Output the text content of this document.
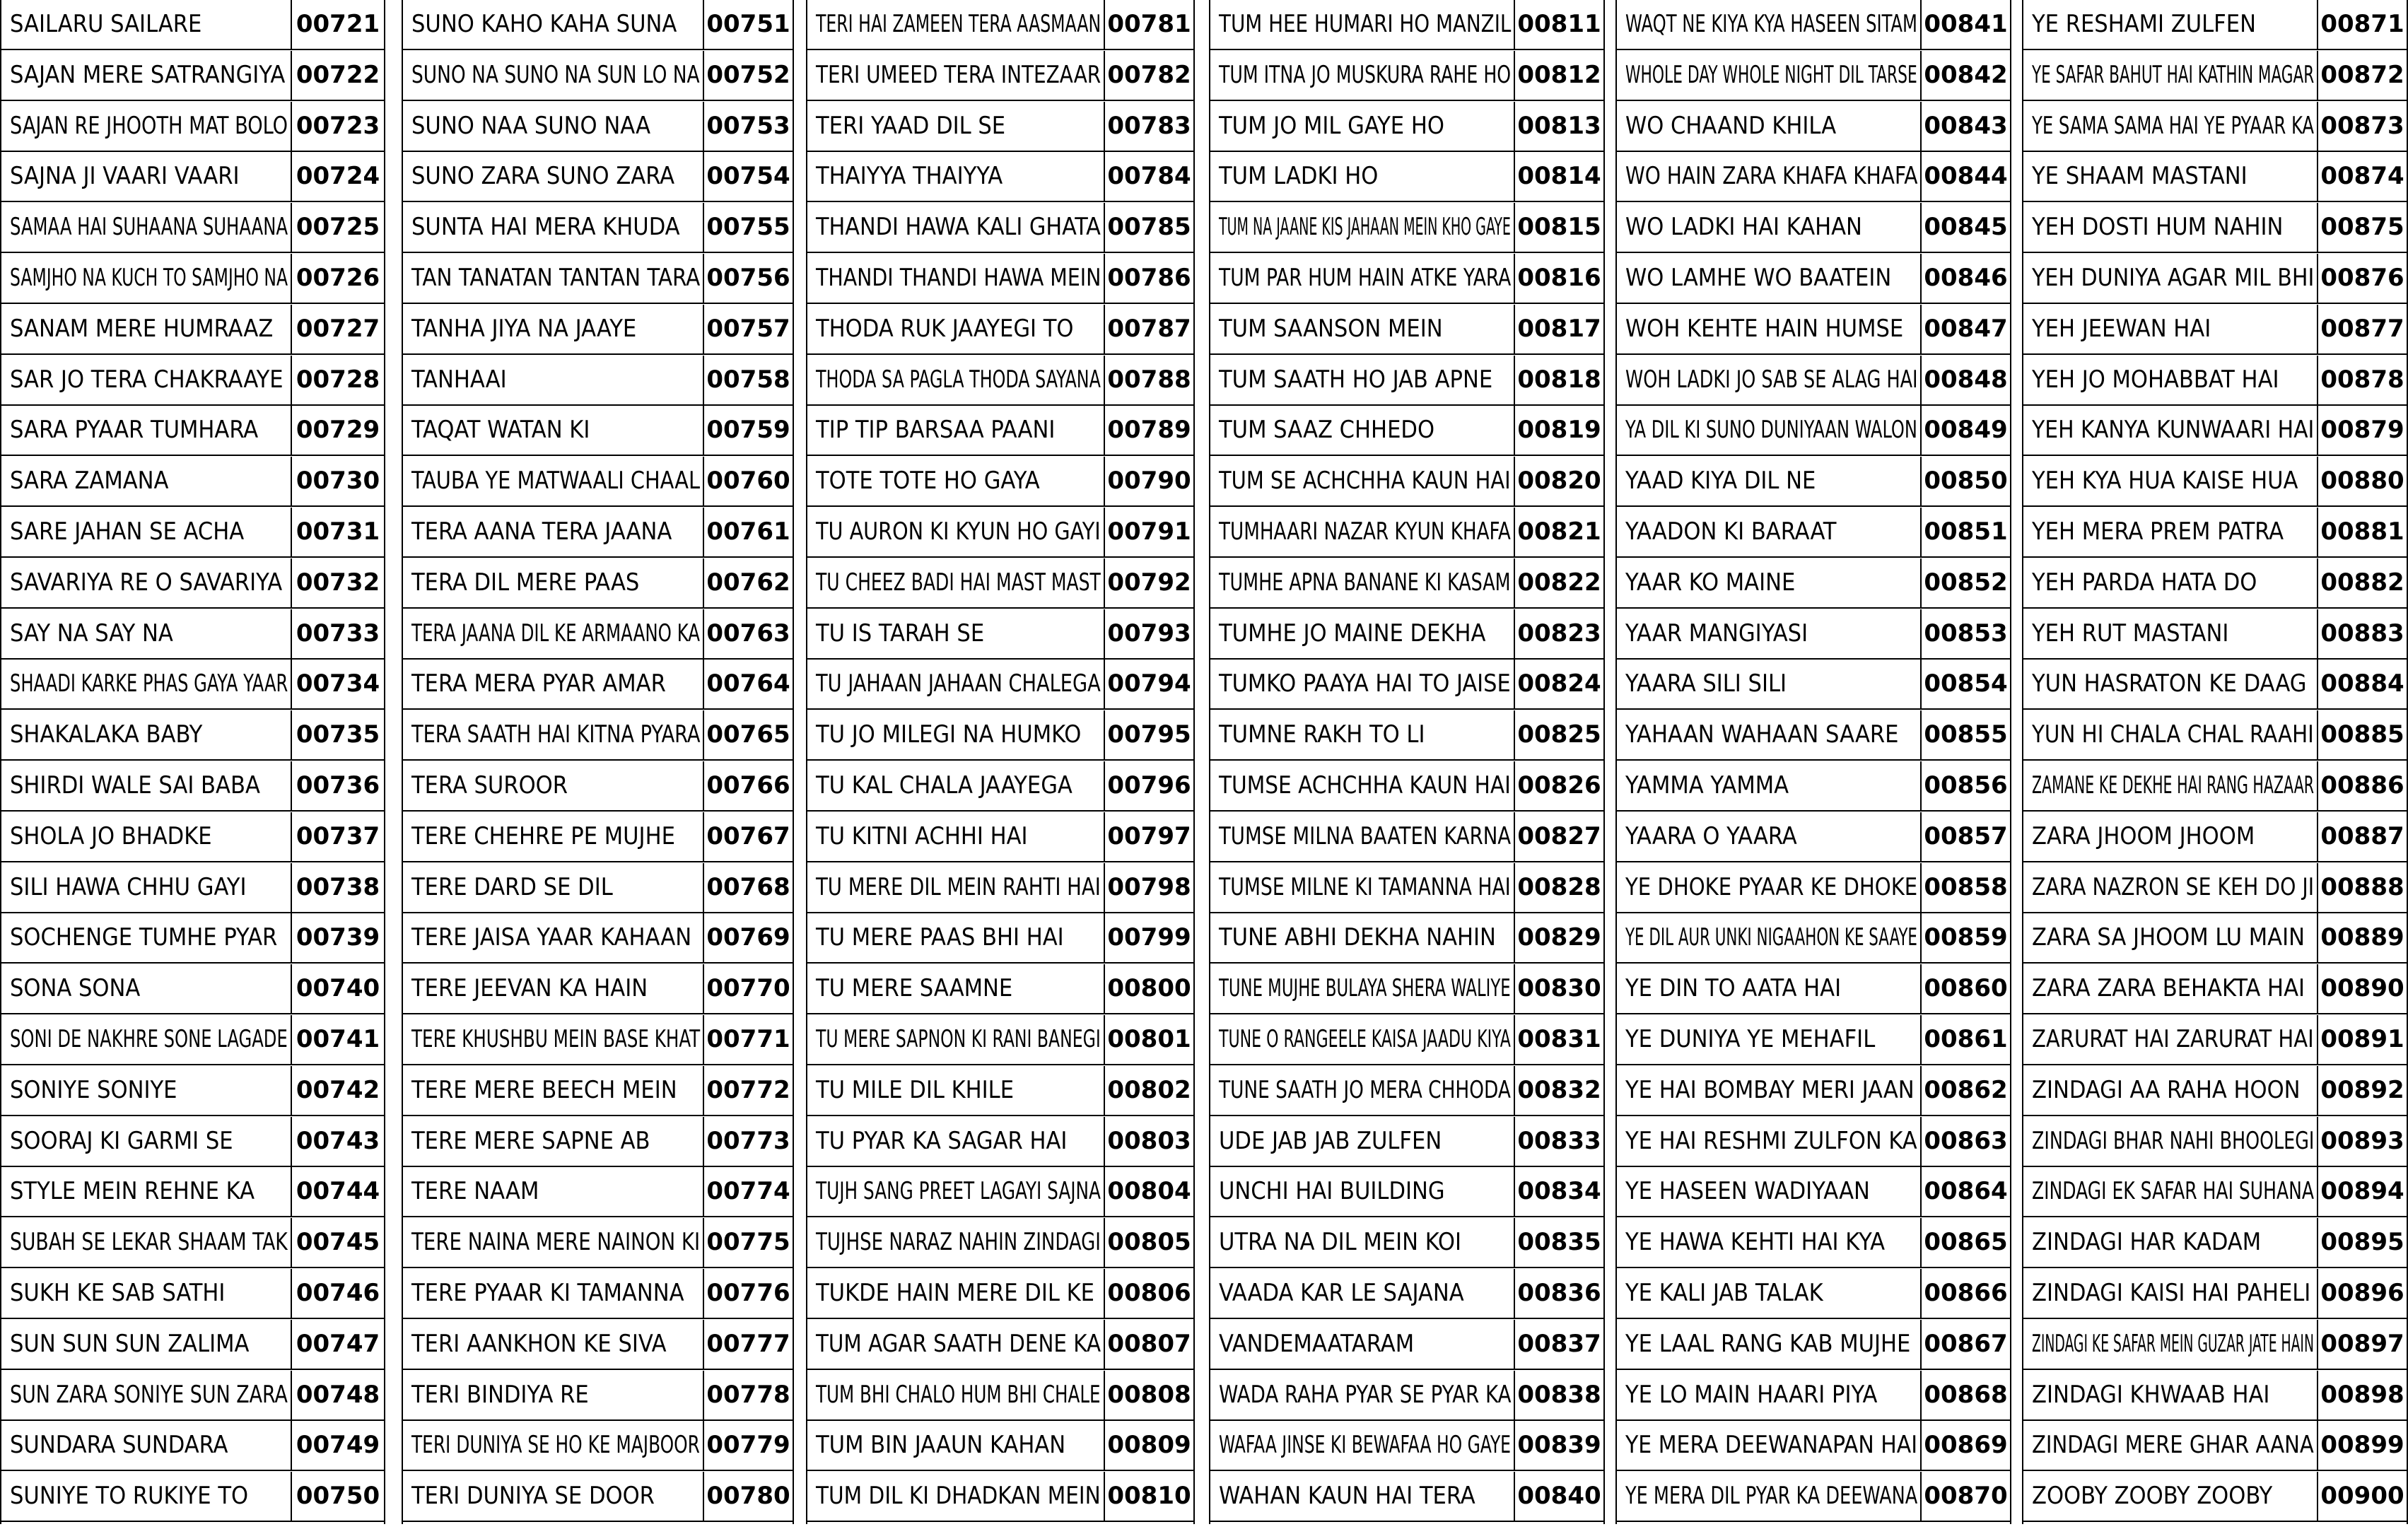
SAILARU SAILARE	00721
SAJAN MERE SATRANGIYA 00722
SAJAN RE JHOOTH MAT BOLO 00723
SAJNA JI VAARI VAARI	00724
SAMAA HAI SUHAANA SUHAANA 00725
SAMJHO NA KUCH TO SAMJHO NA 00726
SANAM MERE HUMRAAZ 00727
SAR JO TERA CHAKRAAYE 00728
SARA PYAAR TUMHARA	00729
SARA ZAMANA	00730
SARE JAHAN SE ACHA	00731
SAVARIYA RE O SAVARIYA 00732
SAY NA SAY NA	00733
SHAADI KARKE PHAS GAYA YAAR 00734
SHAKALAKA BABY	00735
SHIRDI WALE SAI BABA	00736
SHOLA JO BHADKE	00737
SILI HAWA CHHU GAYI	00738
SOCHENGE TUMHE PYAR 00739
SONA SONA	00740
SONI DE NAKHRE SONE LAGADE 00741
SONIYE SONIYE	00742
SOORAJ KI GARMI SE	00743
STYLE MEIN REHNE KA	00744
SUBAH SE LEKAR SHAAM TAK 00745
SUKH KE SAB SATHI	00746
SUN SUN SUN ZALIMA	00747
SUN ZARA SONIYE SUN ZARA 00748
SUNDARA SUNDARA	00749
SUNIYE TO RUKIYE TO	00750
SUNO KAHO KAHA SUNA	00751
SUNO NA SUNO NA SUN LO NA 00752
SUNO NAA SUNO NAA	00753
SUNO ZARA SUNO ZARA	00754
SUNTA HAI MERA KHUDA	00755
TAN TANATAN TANTAN TARA 00756
TANHA JIYA NA JAAYE	00757
TANHAAI	00758
TAQAT WATAN KI	00759
TAUBA YE MATWAALI CHAAL 00760
TERA AANA TERA JAANA	00761
TERA DIL MERE PAAS	00762
TERA JAANA DIL KE ARMAANO KA 00763
TERA MERA PYAR AMAR	00764
TERA SAATH HAI KITNA PYARA 00765
TERA SUROOR	00766
TERE CHEHRE PE MUJHE	00767
TERE DARD SE DIL	00768
TERE JAISA YAAR KAHAAN 00769
TERE JEEVAN KA HAIN	00770
TERE KHUSHBU MEIN BASE KHAT 00771
TERE MERE BEECH MEIN	00772
TERE MERE SAPNE AB	00773
TERE NAAM	00774
TERE NAINA MERE NAINON KI 00775
TERE PYAAR KI TAMANNA 00776
TERI AANKHON KE SIVA	00777
TERI BINDIYA RE	00778
TERI DUNIYA SE HO KE MAJBOOR 00779
TERI DUNIYA SE DOOR	00780
TERI HAI ZAMEEN TERA AASMAAN 00781
TERI UMEED TERA INTEZAAR 00782
TERI YAAD DIL SE	00783
THAIYYA THAIYYA	00784
THANDI HAWA KALI GHATA 00785
THANDI THANDI HAWA MEIN 00786
THODA RUK JAAYEGI TO	00787
THODA SA PAGLA THODA SAYANA 00788
TIP TIP BARSAA PAANI	00789
TOTE TOTE HO GAYA	00790
TU AURON KI KYUN HO GAYI 00791
TU CHEEZ BADI HAI MAST MAST 00792
TU IS TARAH SE	00793
TU JAHAAN JAHAAN CHALEGA 00794
TU JO MILEGI NA HUMKO	00795
TU KAL CHALA JAAYEGA	00796
TU KITNI ACHHI HAI	00797
TU MERE DIL MEIN RAHTI HAI 00798
TU MERE PAAS BHI HAI	00799
TU MERE SAAMNE	00800
TU MERE SAPNON KI RANI BANEGI 00801
TU MILE DIL KHILE	00802
TU PYAR KA SAGAR HAI	00803
TUJH SANG PREET LAGAYI SAJNA 00804
TUJHSE NARAZ NAHIN ZINDAGI 00805
TUKDE HAIN MERE DIL KE 00806
TUM AGAR SAATH DENE KA 00807
TUM BHI CHALO HUM BHI CHALE 00808
TUM BIN JAAUN KAHAN	00809
TUM DIL KI DHADKAN MEIN 00810
TUM HEE HUMARI HO MANZIL 00811
TUM ITNA JO MUSKURA RAHE HO 00812
TUM JO MIL GAYE HO	00813
TUM LADKI HO	00814
TUM NA JAANE KIS JAHAAN MEIN KHO GAYE 00815
TUM PAR HUM HAIN ATKE YARA 00816
TUM SAANSON MEIN	00817
TUM SAATH HO JAB APNE	00818
TUM SAAZ CHHEDO	00819
TUM SE ACHCHHA KAUN HAI 00820
TUMHAARI NAZAR KYUN KHAFA 00821
TUMHE APNA BANANE KI KASAM 00822
TUMHE JO MAINE DEKHA	00823
TUMKO PAAYA HAI TO JAISE 00824
TUMNE RAKH TO LI	00825
TUMSE ACHCHHA KAUN HAI 00826
TUMSE MILNA BAATEN KARNA 00827
TUMSE MILNE KI TAMANNA HAI 00828
TUNE ABHI DEKHA NAHIN 00829
TUNE MUJHE BULAYA SHERA WALIYE 00830
TUNE O RANGEELE KAISA JAADU KIYA 00831
TUNE SAATH JO MERA CHHODA 00832
UDE JAB JAB ZULFEN	00833
UNCHI HAI BUILDING	00834
UTRA NA DIL MEIN KOI	00835
VAADA KAR LE SAJANA	00836
VANDEMAATARAM	00837
WADA RAHA PYAR SE PYAR KA 00838
WAFAA JINSE KI BEWAFAA HO GAYE 00839
WAHAN KAUN HAI TERA	00840
WAQT NE KIYA KYA HASEEN SITAM 00841
WHOLE DAY WHOLE NIGHT DIL TARSE 00842
WO CHAAND KHILA	00843
WO HAIN ZARA KHAFA KHAFA 00844
WO LADKI HAI KAHAN	00845
WO LAMHE WO BAATEIN	00846
WOH KEHTE HAIN HUMSE 00847
WOH LADKI JO SAB SE ALAG HAI 00848
YA DIL KI SUNO DUNIYAAN WALON 00849
YAAD KIYA DIL NE	00850
YAADON KI BARAAT	00851
YAAR KO MAINE	00852
YAAR MANGIYASI	00853
YAARA SILI SILI	00854
YAHAAN WAHAAN SAARE	00855
YAMMA YAMMA	00856
YAARA O YAARA	00857
YE DHOKE PYAAR KE DHOKE 00858
YE DIL AUR UNKI NIGAAHON KE SAAYE 00859
YE DIN TO AATA HAI	00860
YE DUNIYA YE MEHAFIL	00861
YE HAI BOMBAY MERI JAAN 00862
YE HAI RESHMI ZULFON KA 00863
YE HASEEN WADIYAAN	00864
YE HAWA KEHTI HAI KYA	00865
YE KALI JAB TALAK	00866
YE LAAL RANG KAB MUJHE 00867
YE LO MAIN HAARI PIYA	00868
YE MERA DEEWANAPAN HAI 00869
YE MERA DIL PYAR KA DEEWANA 00870
YE RESHAMI ZULFEN	00871
YE SAFAR BAHUT HAI KATHIN MAGAR 00872
YE SAMA SAMA HAI YE PYAAR KA 00873
YE SHAAM MASTANI	00874
YEH DOSTI HUM NAHIN	00875
YEH DUNIYA AGAR MIL BHI 00876
YEH JEEWAN HAI	00877
YEH JO MOHABBAT HAI	00878
YEH KANYA KUNWAARI HAI 00879
YEH KYA HUA KAISE HUA 00880
YEH MERA PREM PATRA	00881
YEH PARDA HATA DO	00882
YEH RUT MASTANI	00883
YUN HASRATON KE DAAG 00884
YUN HI CHALA CHAL RAAHI 00885
ZAMANE KE DEKHE HAI RANG HAZAAR 00886
ZARA JHOOM JHOOM	00887
ZARA NAZRON SE KEH DO JI 00888
ZARA SA JHOOM LU MAIN 00889
ZARA ZARA BEHAKTA HAI 00890
ZARURAT HAI ZARURAT HAI 00891
ZINDAGI AA RAHA HOON 00892
ZINDAGI BHAR NAHI BHOOLEGI 00893
ZINDAGI EK SAFAR HAI SUHANA 00894
ZINDAGI HAR KADAM	00895
ZINDAGI KAISI HAI PAHELI 00896
ZINDAGI KE SAFAR MEIN GUZAR JATE HAIN 00897
ZINDAGI KHWAAB HAI	00898
ZINDAGI MERE GHAR AANA 00899
ZOOBY ZOOBY ZOOBY	00900
